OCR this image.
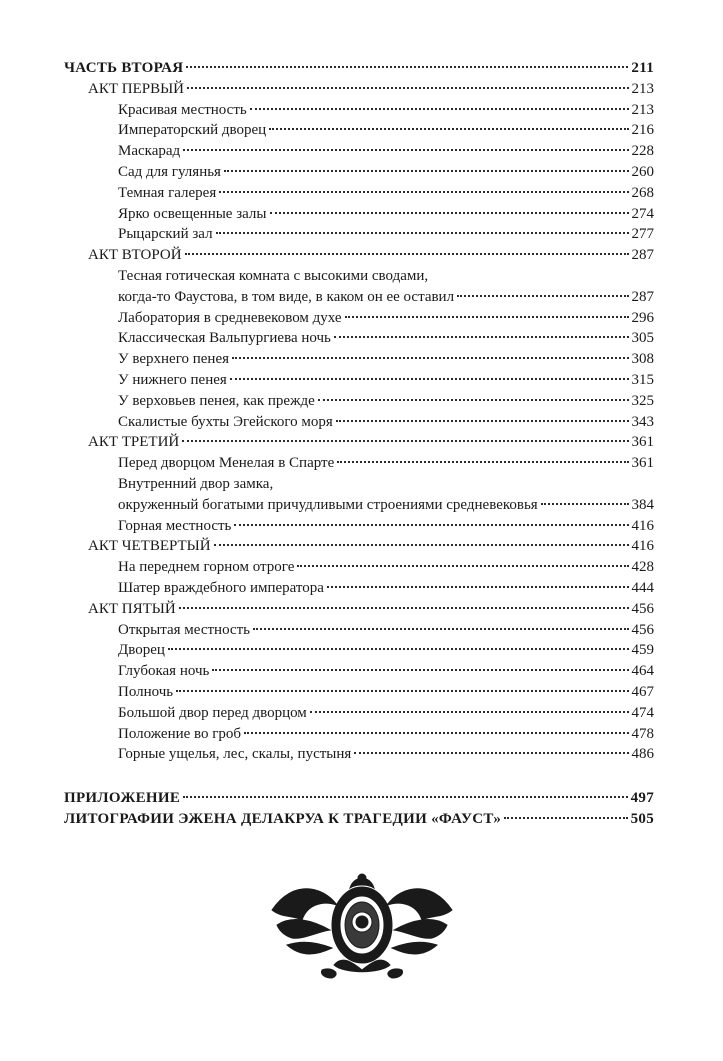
ЧАСТЬ ВТОРАЯ	211
АКТ ПЕРВЫЙ	213
Красивая местность	213
Императорский дворец	216
Маскарад	228
Сад для гулянья	260
Темная галерея	268
Ярко освещенные залы	274
Рыцарский зал	277
АКТ ВТОРОЙ	287
Тесная готическая комната с высокими сводами,
когда-то Фаустова, в том виде, в каком он ее оставил	287
Лаборатория в средневековом духе	296
Классическая Вальпургиева ночь	305
У верхнего пенея	308
У нижнего пенея	315
У верховьев пенея, как прежде	325
Скалистые бухты Эгейского моря	343
АКТ ТРЕТИЙ	361
Перед дворцом Менелая в Спарте	361
Внутренний двор замка,
окруженный богатыми причудливыми строениями средневековья	384
Горная местность	416
АКТ ЧЕТВЕРТЫЙ	416
На переднем горном отроге	428
Шатер враждебного императора	444
АКТ ПЯТЫЙ	456
Открытая местность	456
Дворец	459
Глубокая ночь	464
Полночь	467
Большой двор перед дворцом	474
Положение во гроб	478
Горные ущелья, лес, скалы, пустыня	486
ПРИЛОЖЕНИЕ	497
ЛИТОГРАФИИ ЭЖЕНА ДЕЛАКРУА К ТРАГЕДИИ «ФАУСТ»	505
